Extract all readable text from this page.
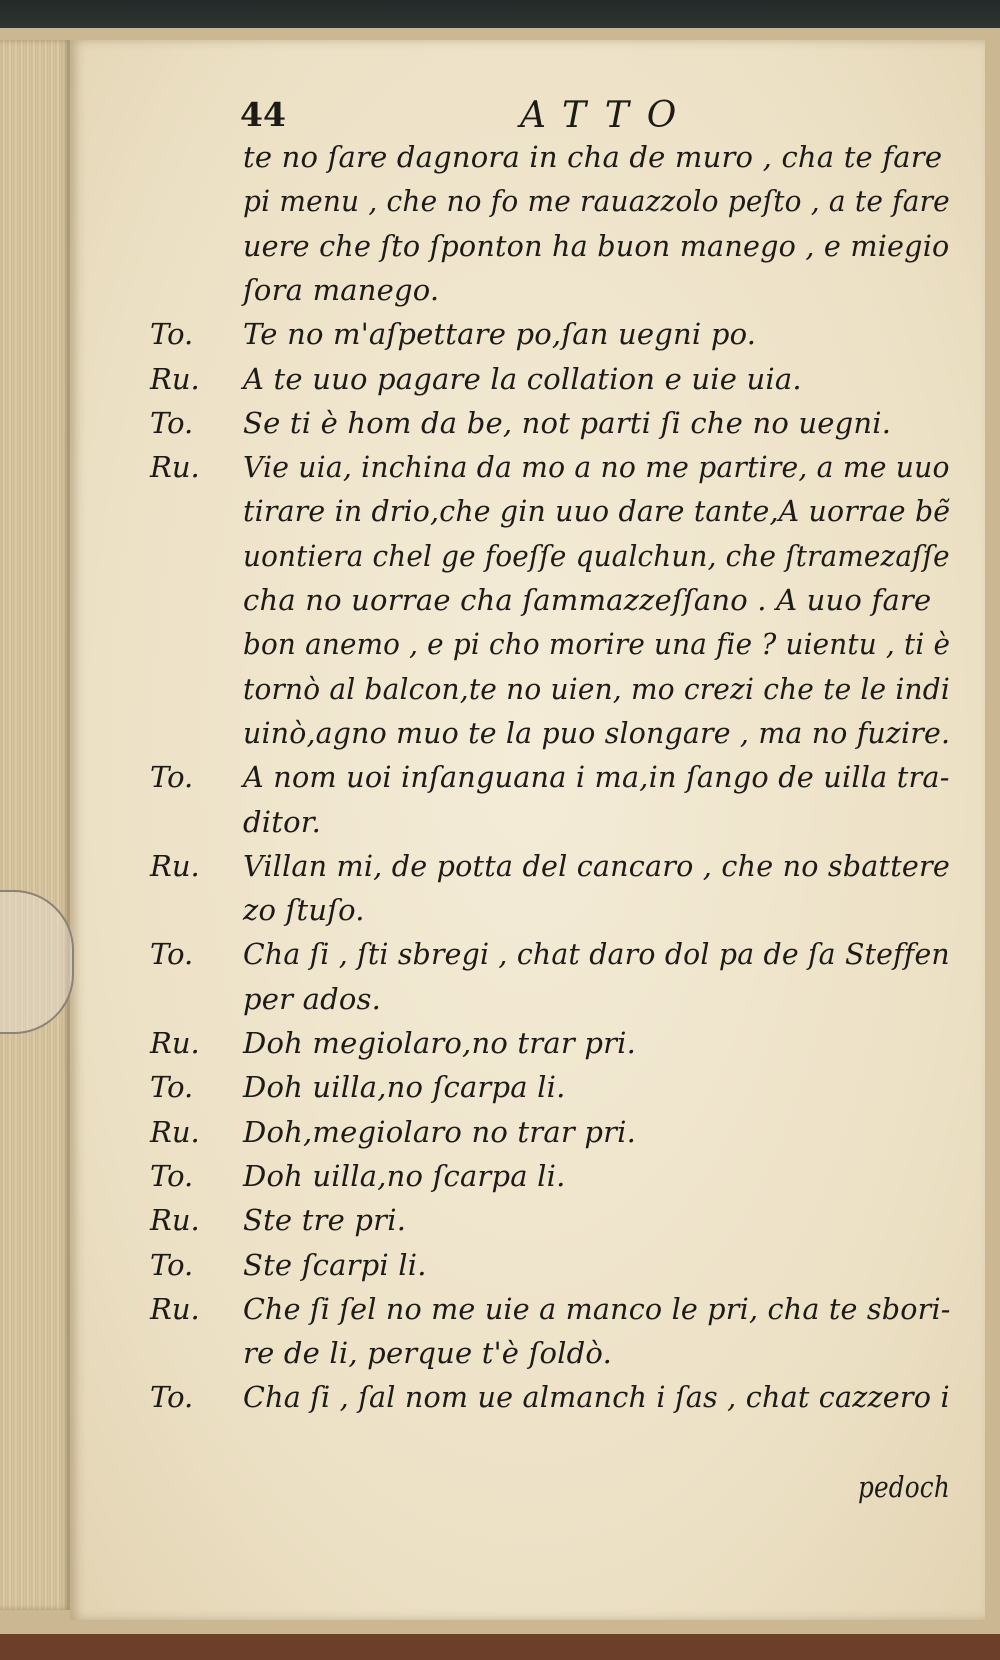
44	ATTO
te no ſare dagnora in cha de muro , cha te fare
pi menu , che no fo me rauazzolo peſto , a te fare
uere che ſto ſponton ha buon manego , e miegio
ſora manego.
To. Te no m'aſpettare po,ſan uegni po.
Ru. A te uuo pagare la collation e uie uia.
To. Se ti è hom da be, not parti ſi che no uegni.
Ru. Vie uia, inchina da mo a no me partire, a me uuo
tirare in drio,che gin uuo dare tante,A uorrae bẽ
uontiera chel ge foeſſe qualchun, che ſtramezaſſe
cha no uorrae cha ſammazzeſſano . A uuo fare
bon anemo , e pi cho morire una fie ? uientu , ti è
tornò al balcon,te no uien, mo crezi che te le indi
uinò,agno muo te la puo slongare , ma no fuzire.
To. A nom uoi inſanguana i ma,in ſango de uilla tra-
ditor.
Ru. Villan mi, de potta del cancaro , che no sbattere
zo ſtuſo.
To. Cha ſi , ſti sbregi , chat daro dol pa de ſa Steffen
per ados.
Ru. Doh megiolaro,no trar pri.
To. Doh uilla,no ſcarpa li.
Ru. Doh,megiolaro no trar pri.
To. Doh uilla,no ſcarpa li.
Ru. Ste tre pri.
To. Ste ſcarpi li.
Ru. Che ſi ſel no me uie a manco le pri, cha te sbori-
re de li, perque t'è ſoldò.
To. Cha ſi , ſal nom ue almanch i ſas , chat cazzero i
pedoch
